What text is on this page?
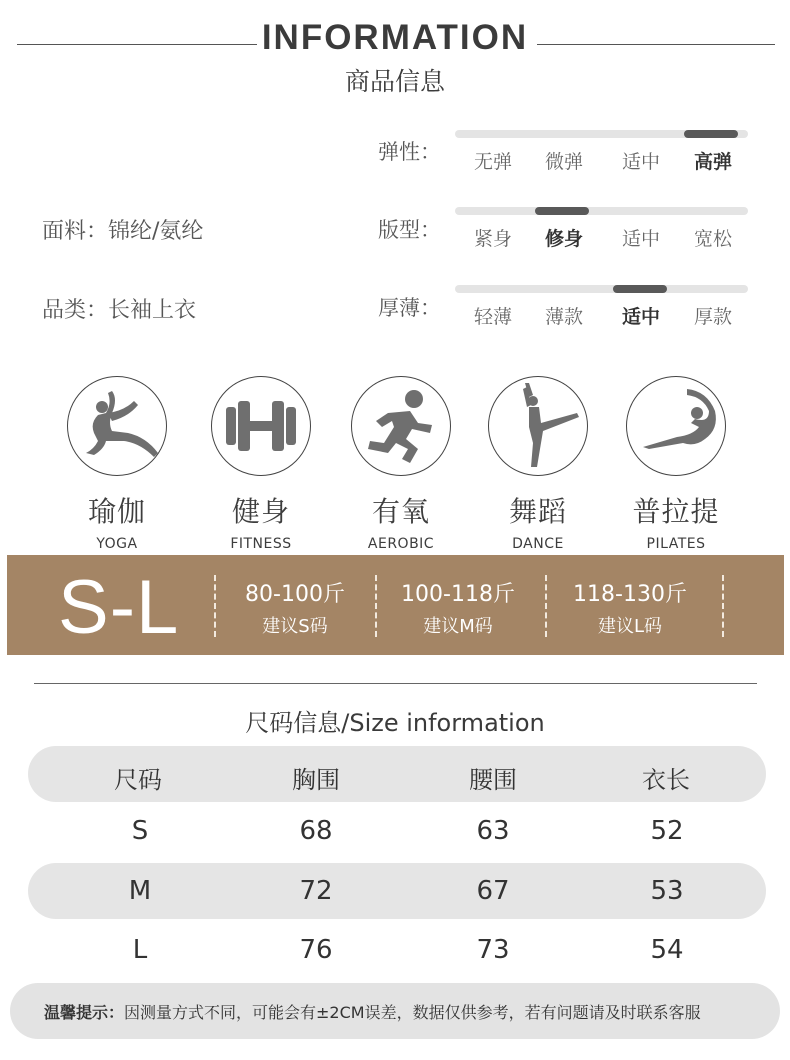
INFORMATION
商品信息
面料：锦纶/氨纶
品类：长袖上衣
弹性：	无弹	微弹	适中	高弹
版型：	紧身	修身	适中	宽松
厚薄：	轻薄	薄款	适中	厚款
瑜伽
YOGA
健身
FITNESS
有氧
AEROBIC
舞蹈
DANCE
普拉提
PILATES
S-L	80-100斤
建议S码
100-118斤
建议M码
118-130斤
建议L码
尺码信息/Size information
尺码	胸围	腰围	衣长
S	68	63	52
M	72	67	53
L	76	73	54
温馨提示：因测量方式不同，可能会有±2CM误差，数据仅供参考，若有问题请及时联系客服
